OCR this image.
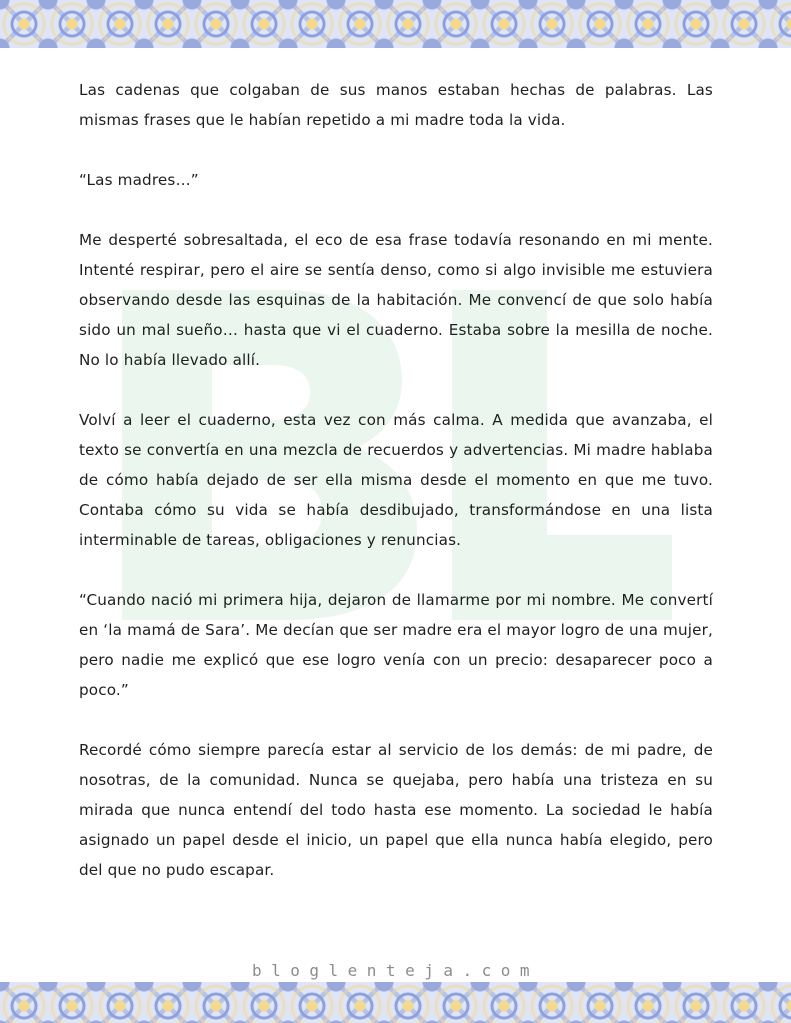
Las cadenas que colgaban de sus manos estaban hechas de palabras. Las mismas frases que le habían repetido a mi madre toda la vida.

“Las madres…”

Me desperté sobresaltada, el eco de esa frase todavía resonando en mi mente. Intenté respirar, pero el aire se sentía denso, como si algo invisible me estuviera observando desde las esquinas de la habitación. Me convencí de que solo había sido un mal sueño… hasta que vi el cuaderno. Estaba sobre la mesilla de noche. No lo había llevado allí.

Volví a leer el cuaderno, esta vez con más calma. A medida que avanzaba, el texto se convertía en una mezcla de recuerdos y advertencias. Mi madre hablaba de cómo había dejado de ser ella misma desde el momento en que me tuvo. Contaba cómo su vida se había desdibujado, transformándose en una lista interminable de tareas, obligaciones y renuncias.

“Cuando nació mi primera hija, dejaron de llamarme por mi nombre. Me convertí en ‘la mamá de Sara’. Me decían que ser madre era el mayor logro de una mujer, pero nadie me explicó que ese logro venía con un precio: desaparecer poco a poco.”

Recordé cómo siempre parecía estar al servicio de los demás: de mi padre, de nosotras, de la comunidad. Nunca se quejaba, pero había una tristeza en su mirada que nunca entendí del todo hasta ese momento. La sociedad le había asignado un papel desde el inicio, un papel que ella nunca había elegido, pero del que no pudo escapar.

bloglenteja.com
